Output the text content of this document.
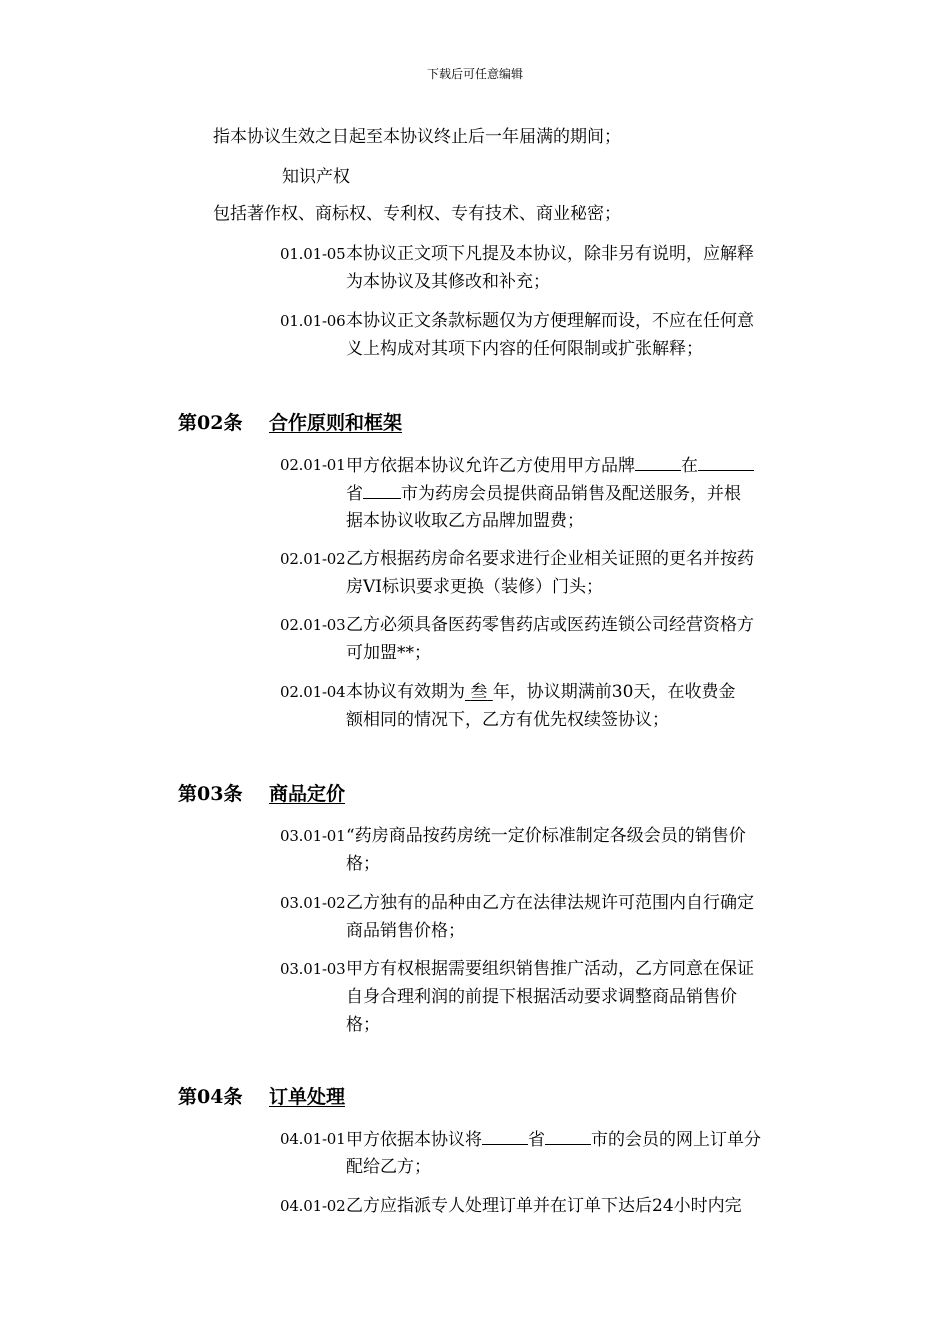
下载后可任意编辑
指本协议生效之日起至本协议终止后一年届满的期间；
知识产权
包括著作权、商标权、专利权、专有技术、商业秘密；
01.01-05 本协议正文项下凡提及本协议，除非另有说明，应解释
为本协议及其修改和补充；
01.01-06 本协议正文条款标题仅为方便理解而设，不应在任何意
义上构成对其项下内容的任何限制或扩张解释；
第02条 合作原则和框架
02.01-01 甲方依据本协议允许乙方使用甲方品牌	在
省 市为药房会员提供商品销售及配送服务，并根
据本协议收取乙方品牌加盟费；
02.01-02 乙方根据药房命名要求进行企业相关证照的更名并按药
房VI标识要求更换（装修）门头；
02.01-03 乙方必须具备医药零售药店或医药连锁公司经营资格方
可加盟**；
02.01-04 本协议有效期为 叁 年，协议期满前30天，在收费金
额相同的情况下，乙方有优先权续签协议；
第03条 商品定价
03.01-01 “药房商品按药房统一定价标准制定各级会员的销售价
格；
03.01-02 乙方独有的品种由乙方在法律法规许可范围内自行确定
商品销售价格；
03.01-03 甲方有权根据需要组织销售推广活动，乙方同意在保证
自身合理利润的前提下根据活动要求调整商品销售价
格；
第04条 订单处理
04.01-01 甲方依据本协议将	省	市的会员的网上订单分
配给乙方；
04.01-02 乙方应指派专人处理订单并在订单下达后24小时内完
